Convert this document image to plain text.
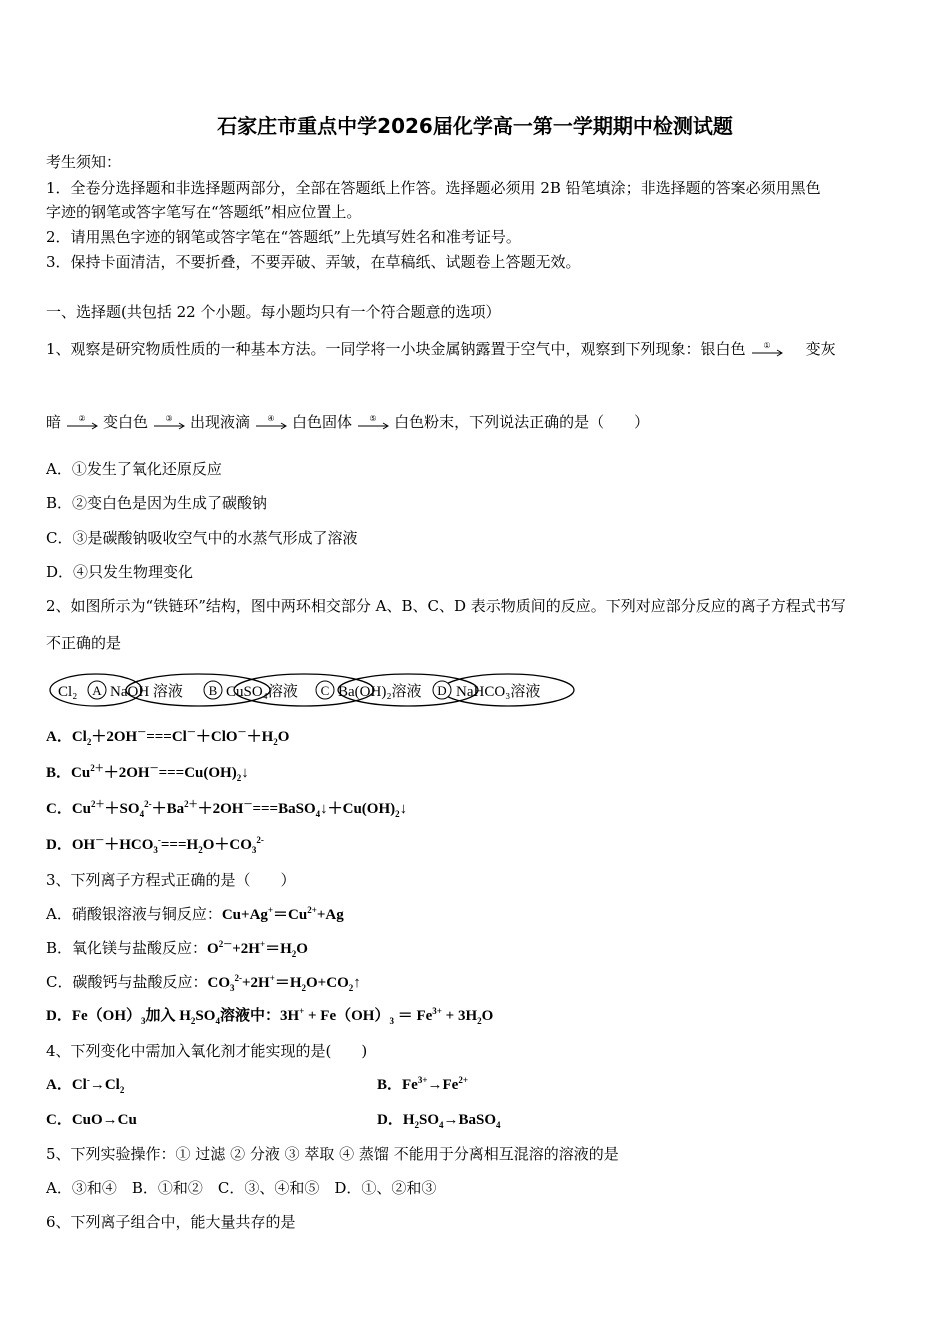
石家庄市重点中学2026届化学高一第一学期期中检测试题
考生须知：
1．全卷分选择题和非选择题两部分，全部在答题纸上作答。选择题必须用 2B 铅笔填涂；非选择题的答案必须用黑色
字迹的钢笔或答字笔写在“答题纸”相应位置上。
2．请用黑色字迹的钢笔或答字笔在“答题纸”上先填写姓名和准考证号。
3．保持卡面清洁，不要折叠，不要弄破、弄皱，在草稿纸、试题卷上答题无效。
一、选择题(共包括 22 个小题。每小题均只有一个符合题意的选项）
1、观察是研究物质性质的一种基本方法。一同学将一小块金属钠露置于空气中，观察到下列现象：银白色 ① 变灰
暗 ② 变白色 ③ 出现液滴 ④ 白色固体 ⑤ 白色粉末，下列说法正确的是（　　）
A．①发生了氧化还原反应
B．②变白色是因为生成了碳酸钠
C．③是碳酸钠吸收空气中的水蒸气形成了溶液
D．④只发生物理变化
2、如图所示为“铁链环”结构，图中两环相交部分 A、B、C、D 表示物质间的反应。下列对应部分反应的离子方程式书写
不正确的是
Cl₂ A NaOH 溶液 B CuSO₄溶液 C Ba(OH)₂溶液 D NaHCO₃溶液
A．$Cl_2+2OH^-===Cl^-+ClO^-+H_2O$
B．$Cu^{2+}+2OH^-===Cu(OH)_2↓$
C．$Cu^{2+}+SO_4^{2-}+Ba^{2+}+2OH^-===BaSO_4↓+Cu(OH)_2↓$
D．$OH^-+HCO_3^-===H_2O+CO_3^{2-}$
3、下列离子方程式正确的是（　　）
A．硝酸银溶液与铜反应：$Cu+Ag^+=Cu^{2+}+Ag$
B．氧化镁与盐酸反应：$O^{2-}+2H^+=H_2O$
C．碳酸钙与盐酸反应：$CO_3^{2-}+2H^+=H_2O+CO_2↑$
D．$Fe(OH)_3$加入 $H_2SO_4$溶液中：$3H^+ + Fe(OH)_3 = Fe^{3+} + 3H_2O$
4、下列变化中需加入氧化剂才能实现的是(　　)
A．$Cl^-\to Cl_2$	B．$Fe^{3+}\to Fe^{2+}$
C．CuO→Cu	D．$H_2SO_4\to BaSO_4$
5、下列实验操作：① 过滤 ② 分液 ③ 萃取 ④ 蒸馏 不能用于分离相互混溶的溶液的是
A．③和④　B．①和②　C．③、④和⑤　D．①、②和③
6、下列离子组合中，能大量共存的是
